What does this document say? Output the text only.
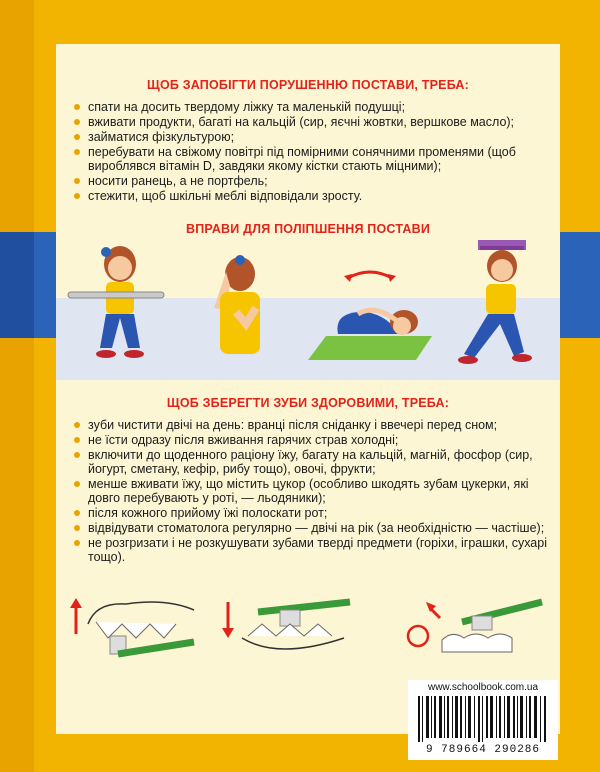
ЩОБ ЗАПОБІГТИ ПОРУШЕННЮ ПОСТАВИ, ТРЕБА:
спати на досить твердому ліжку та маленькій подушці;
вживати продукти, багаті на кальцій (сир, яєчні жовтки, вершкове масло);
займатися фізкультурою;
перебувати на свіжому повітрі під помірними сонячними променями (щоб вироблявся вітамін D, завдяки якому кістки стають міцними);
носити ранець, а не портфель;
стежити, щоб шкільні меблі відповідали зросту.
ВПРАВИ ДЛЯ ПОЛІПШЕННЯ ПОСТАВИ
ЩОБ ЗБЕРЕГТИ ЗУБИ ЗДОРОВИМИ, ТРЕБА:
зуби чистити двічі на день: вранці після сніданку і ввечері перед сном;
не їсти одразу після вживання гарячих страв холодні;
включити до щоденного раціону їжу, багату на кальцій, магній, фосфор (сир, йогурт, сметану, кефір, рибу тощо), овочі, фрукти;
менше вживати їжу, що містить цукор (особливо шкодять зубам цукерки, які довго перебувають у роті, — льодяники);
після кожного прийому їжі полоскати рот;
відвідувати стоматолога регулярно — двічі на рік (за необхідністю — частіше);
не розгризати і не розкушувати зубами тверді предмети (горіхи, іграшки, сухарі тощо).
www.schoolbook.com.ua
9 789664 290286
